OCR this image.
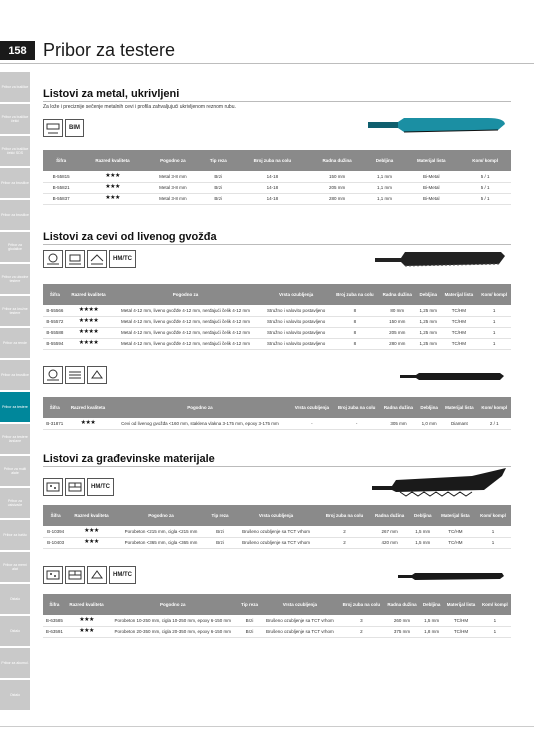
158 Pribor za testere
Pribor za bušilice
Pribor za bušilice čekić
Pribor za bušilice čekić SDS
Pribor za brusilice
Pribor za brusilice
Pribor za glodalice
Pribor za ubodne testere
Pribor za kružne testere
Pribor za rende
Pribor za brusilice
Pribor za testere
Pribor za testere lančane
Pribor za multi alate
Pribor za usisivače
Pribor za baštu
Pribor za merni alat
Ostalo
Ostalo
Pribor za akumul.
Ostalo
Listovi za metal, ukrivljeni
Za lože i preciznije sečenje metalnih cevi i profila zahvaljujući ukrivljenom reznom rubu.
BIM
Šifra	Razred kvaliteta	Pogodno za	Tip reza	Broj zuba na colu	Radna dužina	Debljina	Materijal lista	Kom/ kompl
B-55815	★★★	Metal 3-8 mm	Brzi	14-18	150 mm	1,1 mm	Bi-Metal	5 / 1
B-55821	★★★	Metal 3-8 mm	Brzi	14-18	205 mm	1,1 mm	Bi-Metal	5 / 1
B-55837	★★★	Metal 3-8 mm	Brzi	14-18	280 mm	1,1 mm	Bi-Metal	5 / 1
Listovi za cevi od livenog gvožđa
HM/TC
Šifra	Razred kvaliteta	Pogodno za	Vrsta ozubljenja	Broj zuba na colu	Radna dužina	Debljina	Materijal lista	Kom/ kompl
B-55566	★★★★	Metal 4-12 mm, liveno gvožđe 4-12 mm, nerđajući čelik 4-12 mm	Stružno i valovito postavljeno	8	80 mm	1,25 mm	TC/HM	1
B-55572	★★★★	Metal 4-12 mm, liveno gvožđe 4-12 mm, nerđajući čelik 4-12 mm	Stružno i valovito postavljeno	8	150 mm	1,25 mm	TC/HM	1
B-55588	★★★★	Metal 4-12 mm, liveno gvožđe 4-12 mm, nerđajući čelik 4-12 mm	Stružno i valovito postavljeno	8	205 mm	1,25 mm	TC/HM	1
B-55594	★★★★	Metal 4-12 mm, liveno gvožđe 4-12 mm, nerđajući čelik 4-12 mm	Stružno i valovito postavljeno	8	280 mm	1,25 mm	TC/HM	1
Šifra	Razred kvaliteta	Pogodno za	Vrsta ozubljenja	Broj zuba na colu	Radna dužina	Debljina	Materijal lista	Kom/ kompl
B-31871	★★★	Cevi od livenog gvožđa <160 mm, staklena vlakna 3-175 mm, epoxy 3-175 mm	-	-	305 mm	1,0 mm	Diamant	2 / 1
Listovi za građevinske materijale
HM/TC
Šifra	Razred kvaliteta	Pogodno za	Tip reza	Vrsta ozubljenja	Broj zuba na colu	Radna dužina	Debljina	Materijal lista	Kom/ kompl
B-10394	★★★	Porobeton <215 mm, cigla <215 mm	Brzi	Brušeno ozubljenje sa TCT vrhom	2	267 mm	1,5 mm	TC/HM	1
B-10403	★★★	Porobeton <365 mm, cigla <365 mm	Brzi	Brušeno ozubljenje sa TCT vrhom	2	420 mm	1,5 mm	TC/HM	1
HM/TC
Šifra	Razred kvaliteta	Pogodno za	Tip reza	Vrsta ozubljenja	Broj zuba na colu	Radna dužina	Debljina	Materijal lista	Kom/ kompl
B-63585	★★★	Porobeton 10-250 mm, cigla 10-250 mm, epoxy 6-150 mm	Brzi	Brušeno ozubljenje sa TCT vrhom	3	260 mm	1,5 mm	TC/HM	1
B-63591	★★★	Porobeton 20-350 mm, cigla 20-350 mm, epoxy 6-150 mm	Brzi	Brušeno ozubljenje sa TCT vrhom	2	375 mm	1,8 mm	TC/HM	1
